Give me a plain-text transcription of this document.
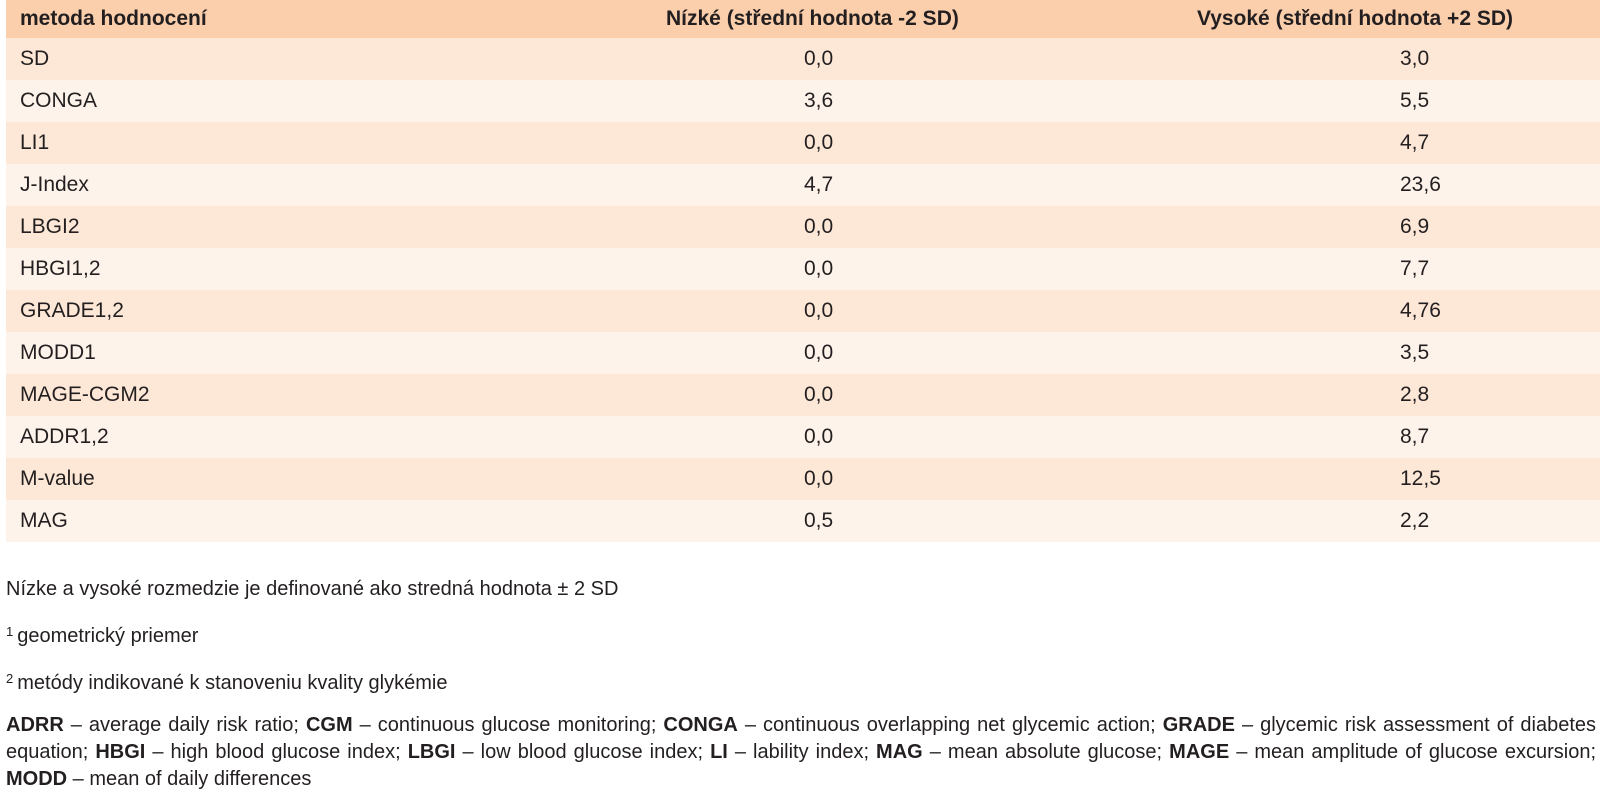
metoda hodnocení	Nízké (střední hodnota -2 SD)	Vysoké (střední hodnota +2 SD)
SD	0,0	3,0
CONGA	3,6	5,5
LI1	0,0	4,7
J-Index	4,7	23,6
LBGI2	0,0	6,9
HBGI1,2	0,0	7,7
GRADE1,2	0,0	4,76
MODD1	0,0	3,5
MAGE-CGM2	0,0	2,8
ADDR1,2	0,0	8,7
M-value	0,0	12,5
MAG	0,5	2,2
Nízke a vysoké rozmedzie je definované ako stredná hodnota ± 2 SD
$^1$ geometrický priemer
$^2$ metódy indikované k stanoveniu kvality glykémie
ADRR – average daily risk ratio; CGM – continuous glucose monitoring; CONGA – continuous overlapping net glycemic action; GRADE – glycemic risk assessment of diabetes equation; HBGI – high blood glucose index; LBGI – low blood glucose index; LI – lability index; MAG – mean absolute glucose; MAGE – mean amplitude of glucose excursion; MODD – mean of daily differences
